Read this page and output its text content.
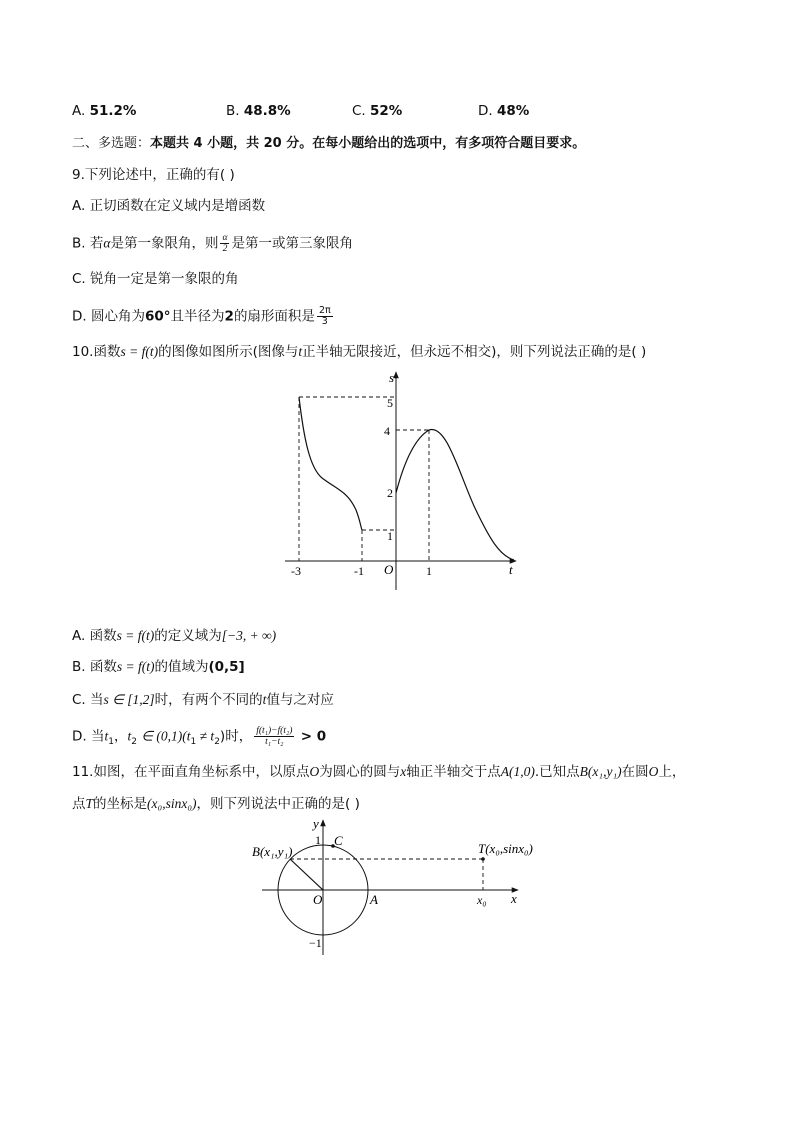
A. 51.2%	B. 48.8%	C. 52%	D. 48%
二、多选题：本题共 4 小题，共 20 分。在每小题给出的选项中，有多项符合题目要求。
9.下列论述中，正确的有( )
A. 正切函数在定义域内是增函数
B. 若α是第一象限角，则 $\frac{\alpha}{2}$ 是第一或第三象限角
C. 锐角一定是第一象限的角
D. 圆心角为60°且半径为2的扇形面积是 $\frac{2\pi}{3}$
10.函数s = f(t)的图像如图所示(图像与t正半轴无限接近，但永远不相交)，则下列说法正确的是( )
s
t
O
5
4
2
1
-3	-1	1
A. 函数s = f(t)的定义域为[−3, + ∞)
B. 函数s = f(t)的值域为(0,5]
C. 当s ∈ [1,2]时，有两个不同的t值与之对应
D. 当$t_1$，$t_2$ ∈ $(0,1)(t_1 \ne t_2)$时， $\frac{\text{f(t₁)−f(t₂)}}{\text{t₁−t₂}} > 0$
11.如图，在平面直角坐标系中，以原点O为圆心的圆与x轴正半轴交于点A(1,0).已知点B(x₁,y₁)在圆O上，
点T的坐标是(x₀,sinx₀)，则下列说法中正确的是( )
y
x
O	A
C
1
−1
B(x₁,y₁)	T(x₀,sinx₀)
x₀
